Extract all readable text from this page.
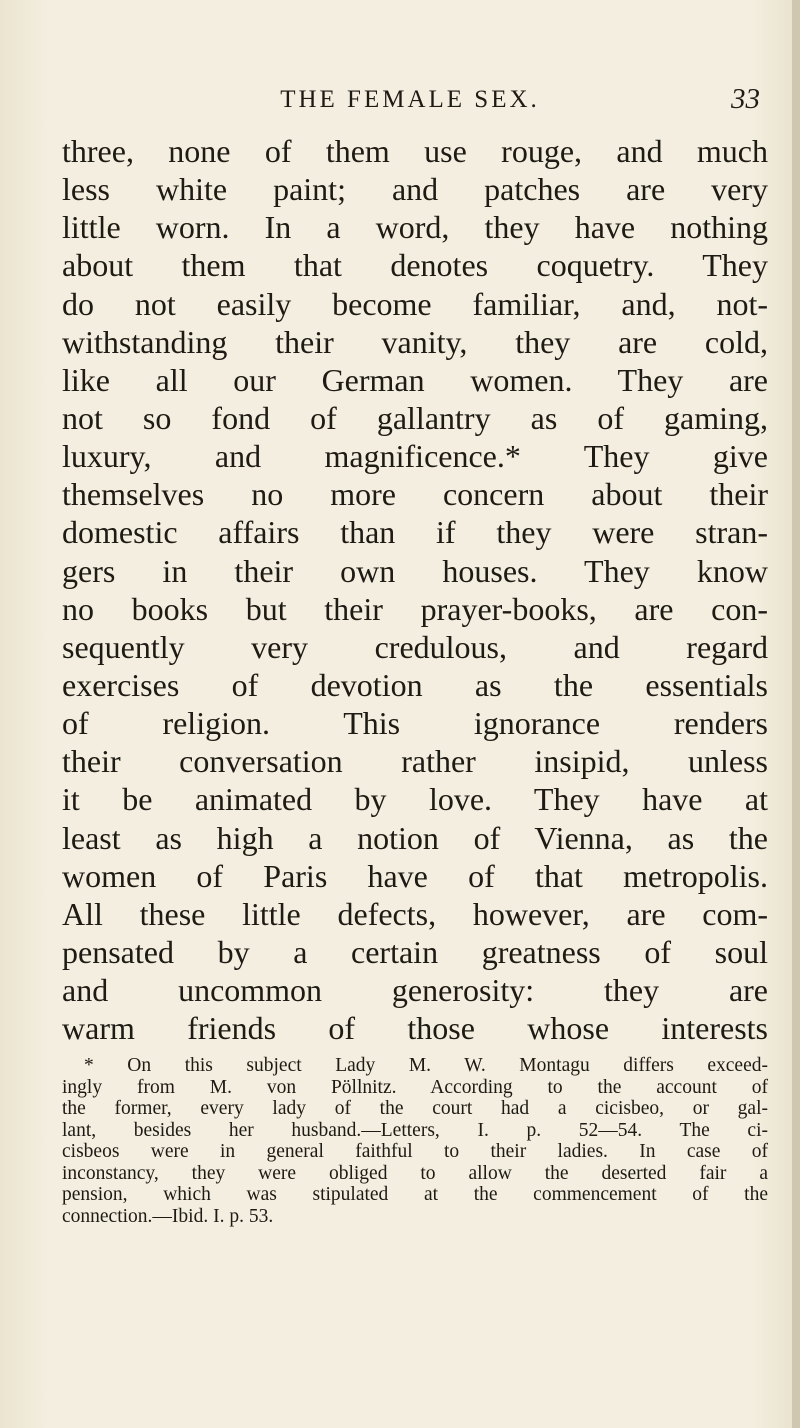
THE FEMALE SEX.	33
three, none of them use rouge, and much
less white paint; and patches are very
little worn. In a word, they have nothing
about them that denotes coquetry. They
do not easily become familiar, and, not-
withstanding their vanity, they are cold,
like all our German women. They are
not so fond of gallantry as of gaming,
luxury, and magnificence.* They give
themselves no more concern about their
domestic affairs than if they were stran-
gers in their own houses. They know
no books but their prayer-books, are con-
sequently very credulous, and regard
exercises of devotion as the essentials
of religion. This ignorance renders
their conversation rather insipid, unless
it be animated by love. They have at
least as high a notion of Vienna, as the
women of Paris have of that metropolis.
All these little defects, however, are com-
pensated by a certain greatness of soul
and uncommon generosity: they are
warm friends of those whose interests
* On this subject Lady M. W. Montagu differs exceed-
ingly from M. von Pöllnitz. According to the account of
the former, every lady of the court had a cicisbeo, or gal-
lant, besides her husband.—Letters, I. p. 52—54. The ci-
cisbeos were in general faithful to their ladies. In case of
inconstancy, they were obliged to allow the deserted fair a
pension, which was stipulated at the commencement of the
connection.—Ibid. I. p. 53.
